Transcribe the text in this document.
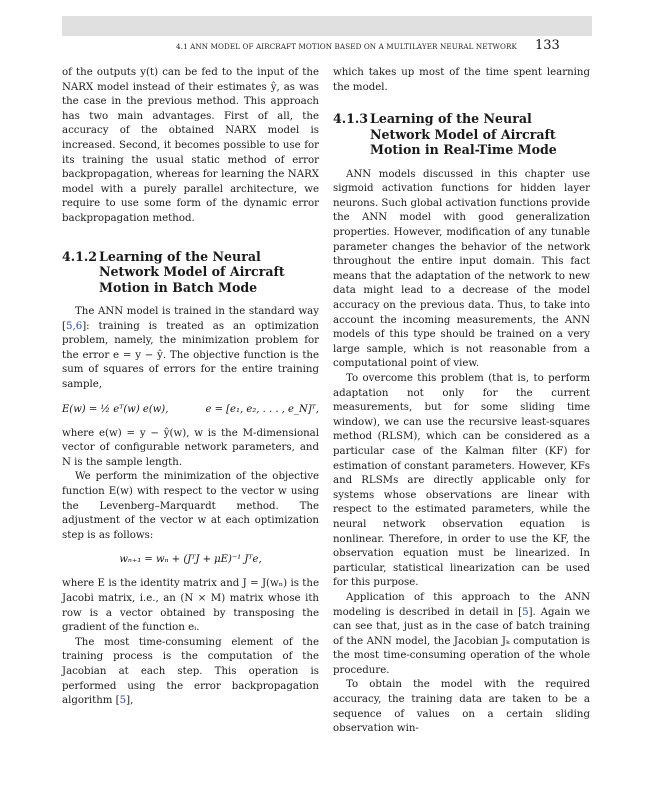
4.1 ANN MODEL OF AIRCRAFT MOTION BASED ON A MULTILAYER NEURAL NETWORK 133

of the outputs y(t) can be fed to the input of the NARX model instead of their estimates ŷ, as was the case in the previous method. This approach has two main advantages. First of all, the accuracy of the obtained NARX model is increased. Second, it becomes possible to use for its training the usual static method of error backpropagation, whereas for learning the NARX model with a purely parallel architecture, we require to use some form of the dynamic error backpropagation method.

4.1.2 Learning of the Neural Network Model of Aircraft Motion in Batch Mode

The ANN model is trained in the standard way [5,6]: training is treated as an optimization problem, namely, the minimization problem for the error e = y − ŷ. The objective function is the sum of squares of errors for the entire training sample,

E(w) = ½ eᵀ(w) e(w),	e = [e₁, e₂, . . . , e_N]ᵀ,

where e(w) = y − ŷ(w), w is the M-dimensional vector of configurable network parameters, and N is the sample length.

We perform the minimization of the objective function E(w) with respect to the vector w using the Levenberg–Marquardt method. The adjustment of the vector w at each optimization step is as follows:

wₙ₊₁ = wₙ + (JᵀJ + μE)⁻¹ Jᵀe,

where E is the identity matrix and J = J(wₙ) is the Jacobi matrix, i.e., an (N × M) matrix whose ith row is a vector obtained by transposing the gradient of the function eᵢ.

The most time-consuming element of the training process is the computation of the Jacobian at each step. This operation is performed using the error backpropagation algorithm [5],

which takes up most of the time spent learning the model.

4.1.3 Learning of the Neural Network Model of Aircraft Motion in Real-Time Mode

ANN models discussed in this chapter use sigmoid activation functions for hidden layer neurons. Such global activation functions provide the ANN model with good generalization properties. However, modification of any tunable parameter changes the behavior of the network throughout the entire input domain. This fact means that the adaptation of the network to new data might lead to a decrease of the model accuracy on the previous data. Thus, to take into account the incoming measurements, the ANN models of this type should be trained on a very large sample, which is not reasonable from a computational point of view.

To overcome this problem (that is, to perform adaptation not only for the current measurements, but for some sliding time window), we can use the recursive least-squares method (RLSM), which can be considered as a particular case of the Kalman filter (KF) for estimation of constant parameters. However, KFs and RLSMs are directly applicable only for systems whose observations are linear with respect to the estimated parameters, while the neural network observation equation is nonlinear. Therefore, in order to use the KF, the observation equation must be linearized. In particular, statistical linearization can be used for this purpose.

Application of this approach to the ANN modeling is described in detail in [5]. Again we can see that, just as in the case of batch training of the ANN model, the Jacobian Jₖ computation is the most time-consuming operation of the whole procedure.

To obtain the model with the required accuracy, the training data are taken to be a sequence of values on a certain sliding observation win-
